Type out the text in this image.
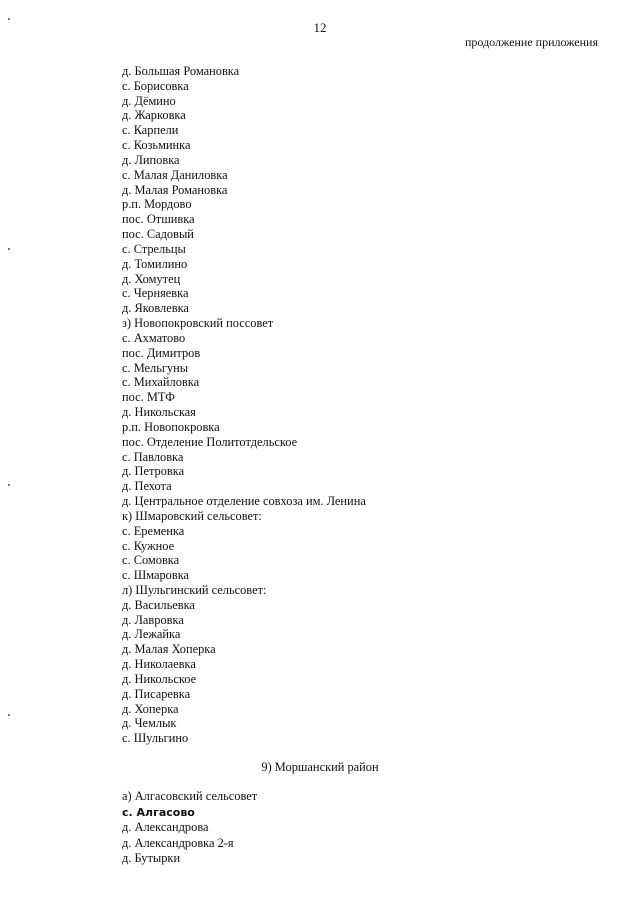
12
продолжение приложения
д. Большая Романовка
с. Борисовка
д. Дёмино
д. Жарковка
с. Карпели
с. Козьминка
д. Липовка
с. Малая Даниловка
д. Малая Романовка
р.п. Мордово
пос. Отшивка
пос. Садовый
с. Стрельцы
д. Томилино
д. Хомутец
с. Черняевка
д. Яковлевка
з) Новопокровский поссовет
с. Ахматово
пос. Димитров
с. Мельгуны
с. Михайловка
пос. МТФ
д. Никольская
р.п. Новопокровка
пос. Отделение Политотдельское
с. Павловка
д. Петровка
д. Пехота
д. Центральное отделение совхоза им. Ленина
к) Шмаровский сельсовет:
с. Еременка
с. Кужное
с. Сомовка
с. Шмаровка
л) Шульгинский сельсовет:
д. Васильевка
д. Лавровка
д. Лежайка
д. Малая Хоперка
д. Николаевка
д. Никольское
д. Писаревка
д. Хоперка
д. Чемлык
с. Шульгино
9) Моршанский район
а) Алгасовский сельсовет
с. Алгасово
д. Александрова
д. Александровка 2-я
д. Бутырки
